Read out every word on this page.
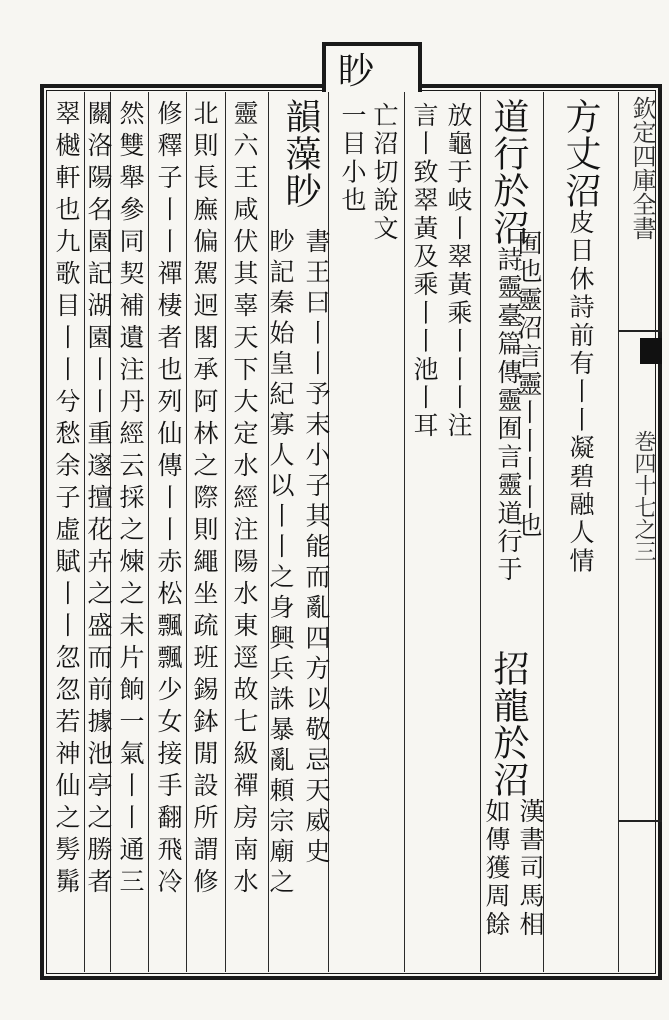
眇
欽定四庫全書
巻四十七之三
方丈沼皮日休詩前有丨丨凝碧融人情
道行於沼詩靈臺篇傳靈囿言靈道行于
囿也靈沼言靈丨丨丨丨也
招龍於沼
漢書司馬相
如傳獲周餘
放龜于岐丨翠黃乘丨丨丨注
言丨致翠黃及乘丨丨池丨耳
亡沼切說文
一目小也
韻藻眇
書王曰丨丨予末小子其能而亂四方以敬忌天威史
眇記秦始皇紀寡人以丨丨之身興兵誅暴亂頼宗廟之
靈六王咸伏其辜天下大定水經注陽水東逕故七級禪房南水
北則長廡偏駕迥閣承阿林之際則繩坐疏班錫鉢閒設所謂修
修釋子丨丨禪棲者也列仙傳丨丨赤松飄飄少女接手翻飛冷
然雙舉參同契補遺注丹經云採之煉之未片餉一氣丨丨通三
關洛陽名園記湖園丨丨重邃擅花卉之盛而前據池亭之勝者
翠樾軒也九歌目丨丨兮愁余子虛賦丨丨忽忽若神仙之髣髴
